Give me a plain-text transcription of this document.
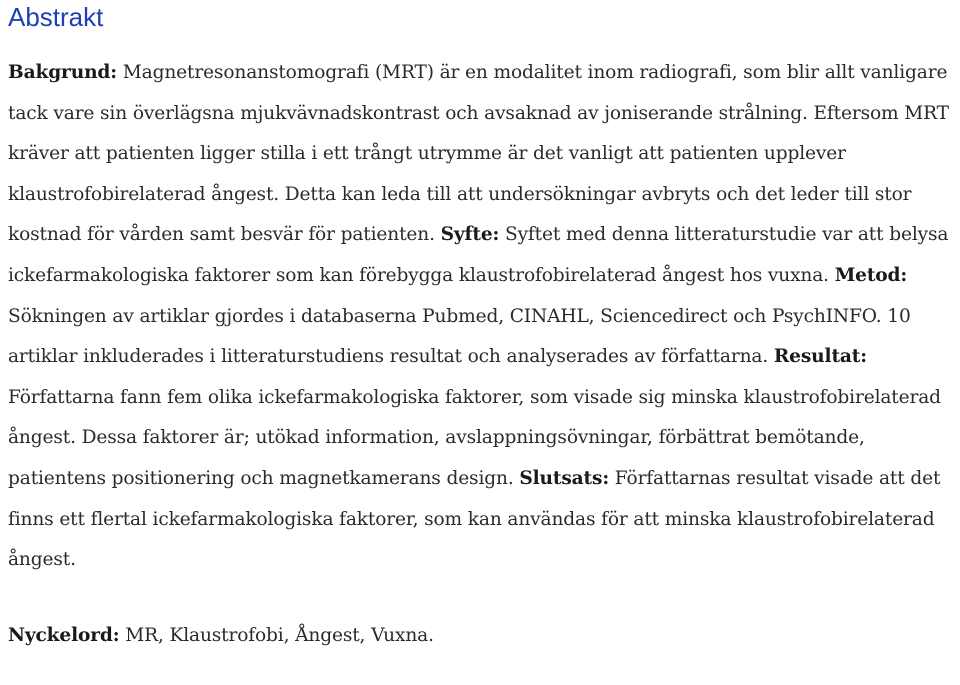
Abstrakt

Bakgrund: Magnetresonanstomografi (MRT) är en modalitet inom radiografi, som blir allt vanligare tack vare sin överlägsna mjukvävnadskontrast och avsaknad av joniserande strålning. Eftersom MRT kräver att patienten ligger stilla i ett trångt utrymme är det vanligt att patienten upplever klaustrofobirelaterad ångest. Detta kan leda till att undersökningar avbryts och det leder till stor kostnad för vården samt besvär för patienten. Syfte: Syftet med denna litteraturstudie var att belysa ickefarmakologiska faktorer som kan förebygga klaustrofobirelaterad ångest hos vuxna. Metod: Sökningen av artiklar gjordes i databaserna Pubmed, CINAHL, Sciencedirect och PsychINFO. 10 artiklar inkluderades i litteraturstudiens resultat och analyserades av författarna. Resultat: Författarna fann fem olika ickefarmakologiska faktorer, som visade sig minska klaustrofobirelaterad ångest. Dessa faktorer är; utökad information, avslappningsövningar, förbättrat bemötande, patientens positionering och magnetkamerans design. Slutsats: Författarnas resultat visade att det finns ett flertal ickefarmakologiska faktorer, som kan användas för att minska klaustrofobirelaterad ångest.

Nyckelord: MR, Klaustrofobi, Ångest, Vuxna.
